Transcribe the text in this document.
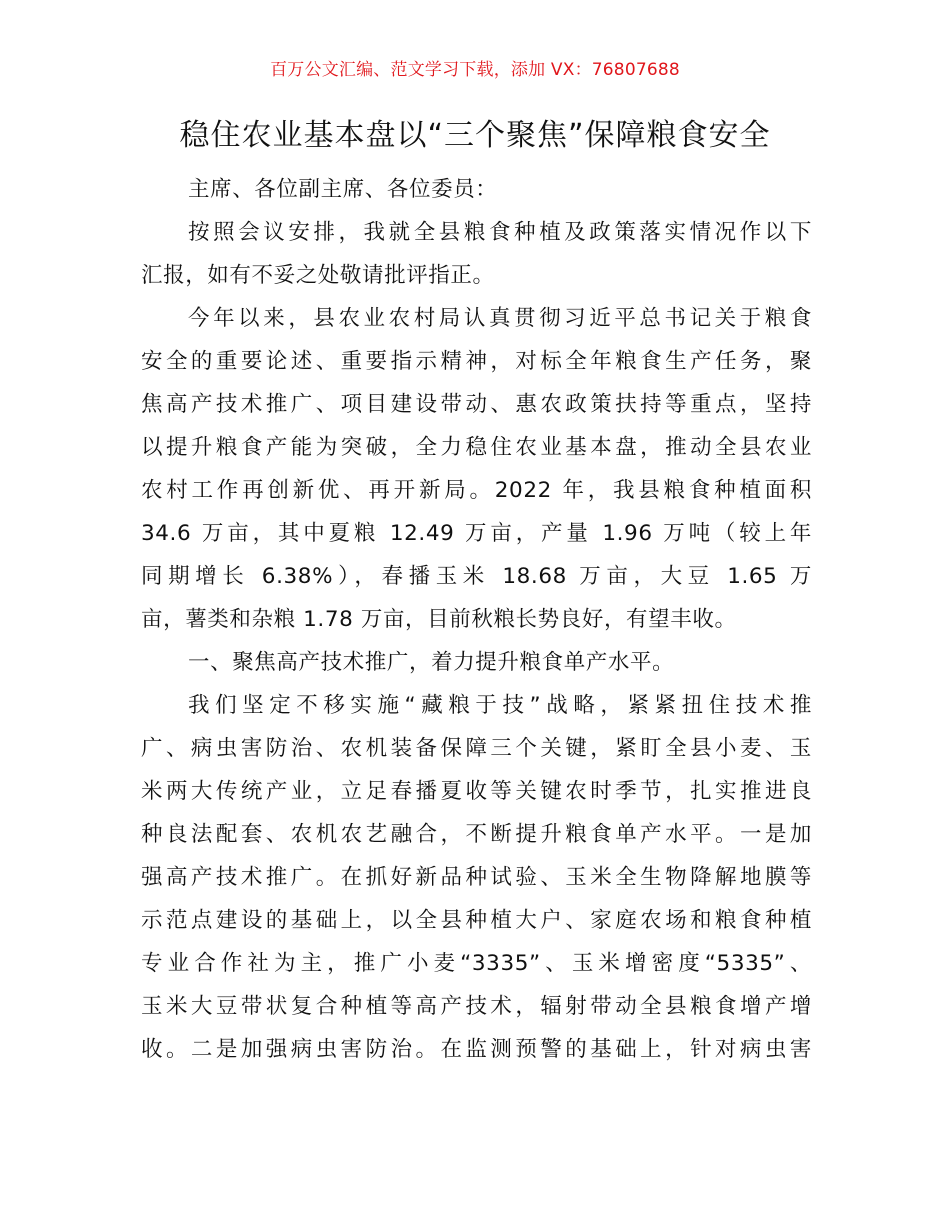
百万公文汇编、范文学习下载，添加 VX：76807688
稳住农业基本盘以“三个聚焦”保障粮食安全
主席、各位副主席、各位委员：
按照会议安排，我就全县粮食种植及政策落实情况作以下
汇报，如有不妥之处敬请批评指正。
今年以来，县农业农村局认真贯彻习近平总书记关于粮食
安全的重要论述、重要指示精神，对标全年粮食生产任务，聚
焦高产技术推广、项目建设带动、惠农政策扶持等重点，坚持
以提升粮食产能为突破，全力稳住农业基本盘，推动全县农业
农村工作再创新优、再开新局。2022 年，我县粮食种植面积
34.6 万亩，其中夏粮 12.49 万亩，产量 1.96 万吨（较上年
同期增长 6.38%），春播玉米 18.68 万亩，大豆 1.65 万
亩，薯类和杂粮 1.78 万亩，目前秋粮长势良好，有望丰收。
一、聚焦高产技术推广，着力提升粮食单产水平。
我们坚定不移实施“藏粮于技”战略，紧紧扭住技术推
广、病虫害防治、农机装备保障三个关键，紧盯全县小麦、玉
米两大传统产业，立足春播夏收等关键农时季节，扎实推进良
种良法配套、农机农艺融合，不断提升粮食单产水平。一是加
强高产技术推广。在抓好新品种试验、玉米全生物降解地膜等
示范点建设的基础上，以全县种植大户、家庭农场和粮食种植
专业合作社为主，推广小麦“3335”、玉米增密度“5335”、
玉米大豆带状复合种植等高产技术，辐射带动全县粮食增产增
收。二是加强病虫害防治。在监测预警的基础上，针对病虫害
